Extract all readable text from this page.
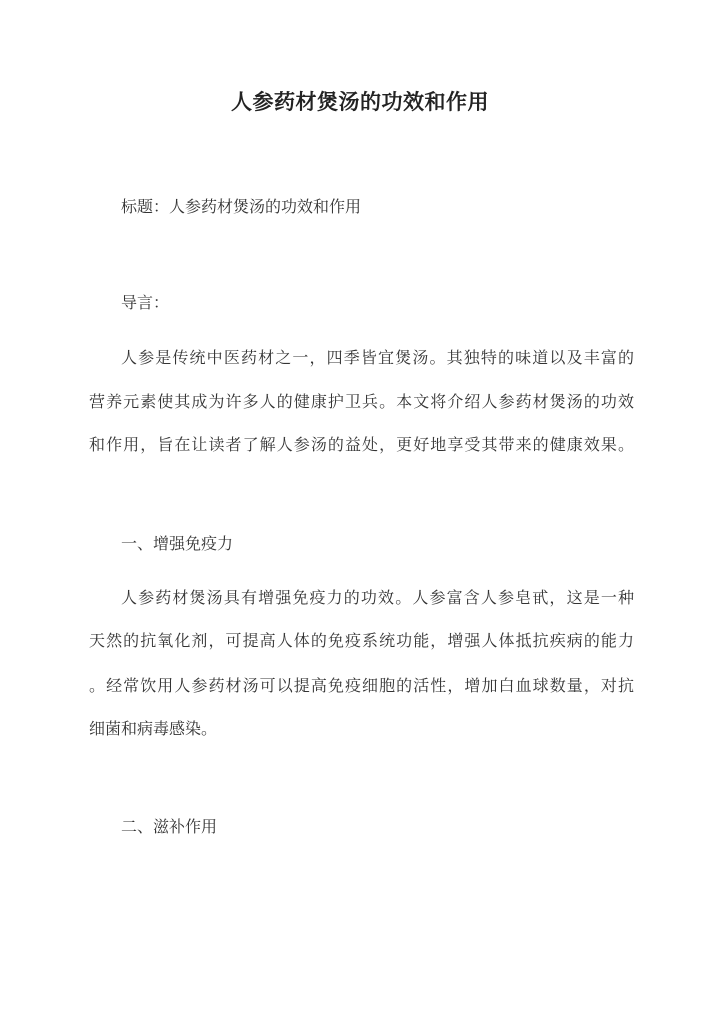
人参药材煲汤的功效和作用
标题：人参药材煲汤的功效和作用
导言：
人参是传统中医药材之一，四季皆宜煲汤。其独特的味道以及丰富的
营养元素使其成为许多人的健康护卫兵。本文将介绍人参药材煲汤的功效
和作用，旨在让读者了解人参汤的益处，更好地享受其带来的健康效果。
一、增强免疫力
人参药材煲汤具有增强免疫力的功效。人参富含人参皂甙，这是一种
天然的抗氧化剂，可提高人体的免疫系统功能，增强人体抵抗疾病的能力
。经常饮用人参药材汤可以提高免疫细胞的活性，增加白血球数量，对抗
细菌和病毒感染。
二、滋补作用
